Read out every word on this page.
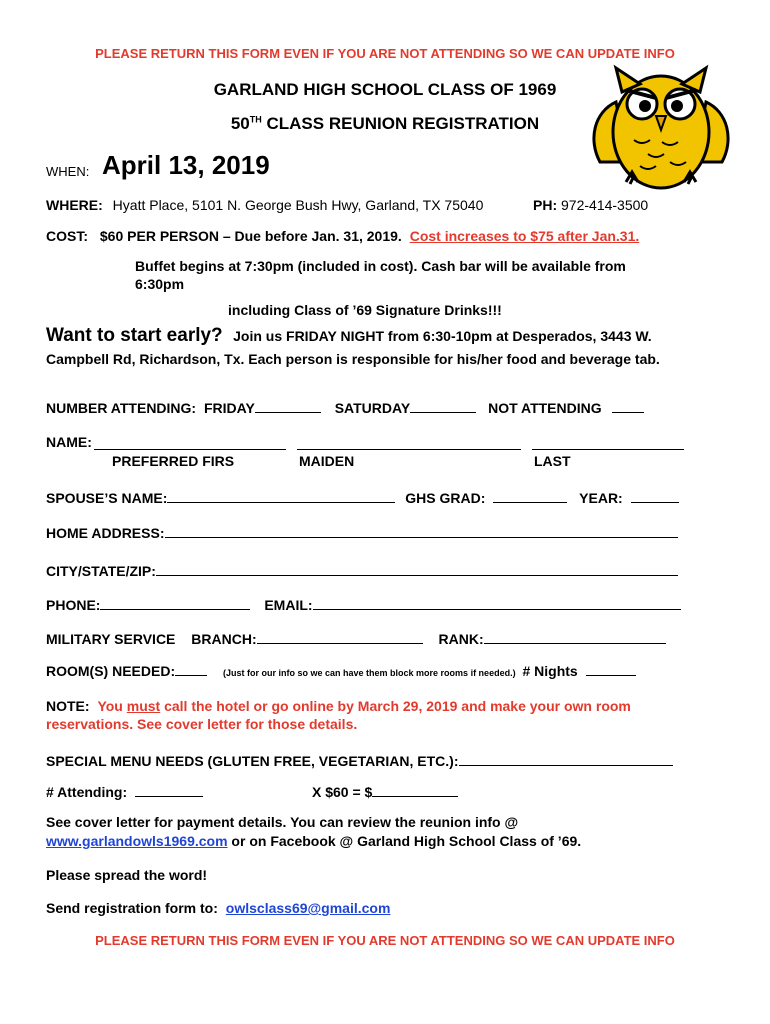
PLEASE RETURN THIS FORM EVEN IF YOU ARE NOT ATTENDING SO WE CAN UPDATE INFO
GARLAND HIGH SCHOOL CLASS OF 1969
50TH CLASS REUNION REGISTRATION
WHEN: April 13, 2019
WHERE: Hyatt Place, 5101 N. George Bush Hwy, Garland, TX 75040	PH: 972-414-3500
COST: $60 PER PERSON – Due before Jan. 31, 2019. Cost increases to $75 after Jan.31.
Buffet begins at 7:30pm (included in cost). Cash bar will be available from
6:30pm
including Class of ’69 Signature Drinks!!!
Want to start early? Join us FRIDAY NIGHT from 6:30-10pm at Desperados, 3443 W.
Campbell Rd, Richardson, Tx. Each person is responsible for his/her food and beverage tab.
NUMBER ATTENDING: FRIDAY	SATURDAY	NOT ATTENDING
NAME:
PREFERRED FIRS	MAIDEN	LAST
SPOUSE’S NAME:	GHS GRAD:	YEAR:
HOME ADDRESS:
CITY/STATE/ZIP:
PHONE:	EMAIL:
MILITARY SERVICE BRANCH:	RANK:
ROOM(S) NEEDED:	(Just for our info so we can have them block more rooms if needed.) # Nights
NOTE: You must call the hotel or go online by March 29, 2019 and make your own room
reservations. See cover letter for those details.
SPECIAL MENU NEEDS (GLUTEN FREE, VEGETARIAN, ETC.):
# Attending:	X $60 = $
See cover letter for payment details. You can review the reunion info @
www.garlandowls1969.com or on Facebook @ Garland High School Class of ’69.
Please spread the word!
Send registration form to: owlsclass69@gmail.com
PLEASE RETURN THIS FORM EVEN IF YOU ARE NOT ATTENDING SO WE CAN UPDATE INFO
